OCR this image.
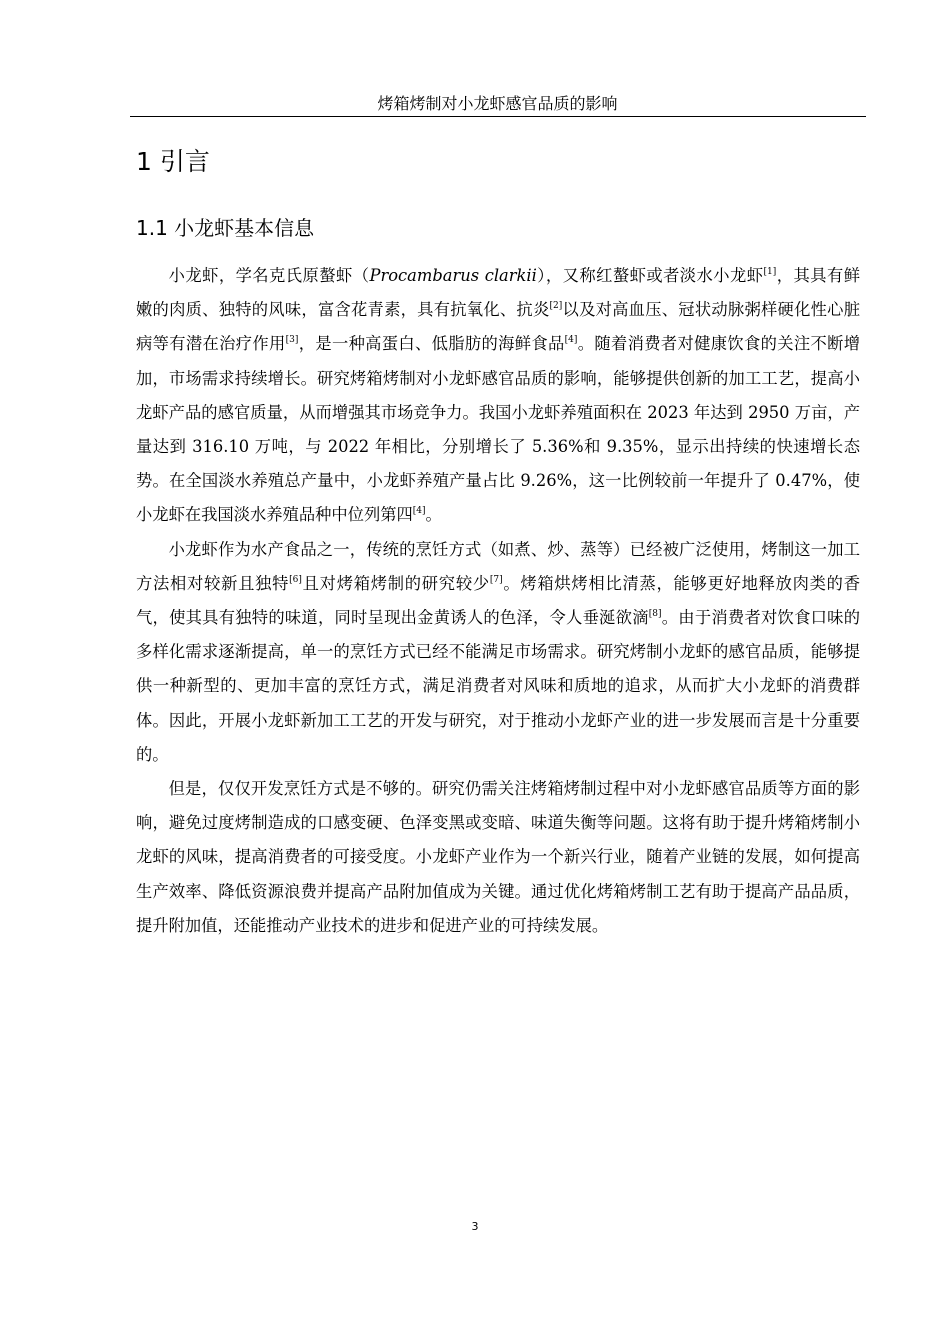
烤箱烤制对小龙虾感官品质的影响
1 引言
1.1 小龙虾基本信息

小龙虾，学名克氏原螯虾（Procambarus clarkii），又称红螯虾或者淡水小龙虾[1]，其具有鲜嫩的肉质、独特的风味，富含花青素，具有抗氧化、抗炎[2]以及对高血压、冠状动脉粥样硬化性心脏病等有潜在治疗作用[3]，是一种高蛋白、低脂肪的海鲜食品[4]。随着消费者对健康饮食的关注不断增加，市场需求持续增长。研究烤箱烤制对小龙虾感官品质的影响，能够提供创新的加工工艺，提高小龙虾产品的感官质量，从而增强其市场竞争力。我国小龙虾养殖面积在 2023 年达到 2950 万亩，产量达到 316.10 万吨，与 2022 年相比，分别增长了 5.36%和 9.35%，显示出持续的快速增长态势。在全国淡水养殖总产量中，小龙虾养殖产量占比 9.26%，这一比例较前一年提升了 0.47%，使小龙虾在我国淡水养殖品种中位列第四[4]。

小龙虾作为水产食品之一，传统的烹饪方式（如煮、炒、蒸等）已经被广泛使用，烤制这一加工方法相对较新且独特[6]且对烤箱烤制的研究较少[7]。烤箱烘烤相比清蒸，能够更好地释放肉类的香气，使其具有独特的味道，同时呈现出金黄诱人的色泽，令人垂涎欲滴[8]。由于消费者对饮食口味的多样化需求逐渐提高，单一的烹饪方式已经不能满足市场需求。研究烤制小龙虾的感官品质，能够提供一种新型的、更加丰富的烹饪方式，满足消费者对风味和质地的追求，从而扩大小龙虾的消费群体。因此，开展小龙虾新加工工艺的开发与研究，对于推动小龙虾产业的进一步发展而言是十分重要的。

但是，仅仅开发烹饪方式是不够的。研究仍需关注烤箱烤制过程中对小龙虾感官品质等方面的影响，避免过度烤制造成的口感变硬、色泽变黑或变暗、味道失衡等问题。这将有助于提升烤箱烤制小龙虾的风味，提高消费者的可接受度。小龙虾产业作为一个新兴行业，随着产业链的发展，如何提高生产效率、降低资源浪费并提高产品附加值成为关键。通过优化烤箱烤制工艺有助于提高产品品质，提升附加值，还能推动产业技术的进步和促进产业的可持续发展。

3
